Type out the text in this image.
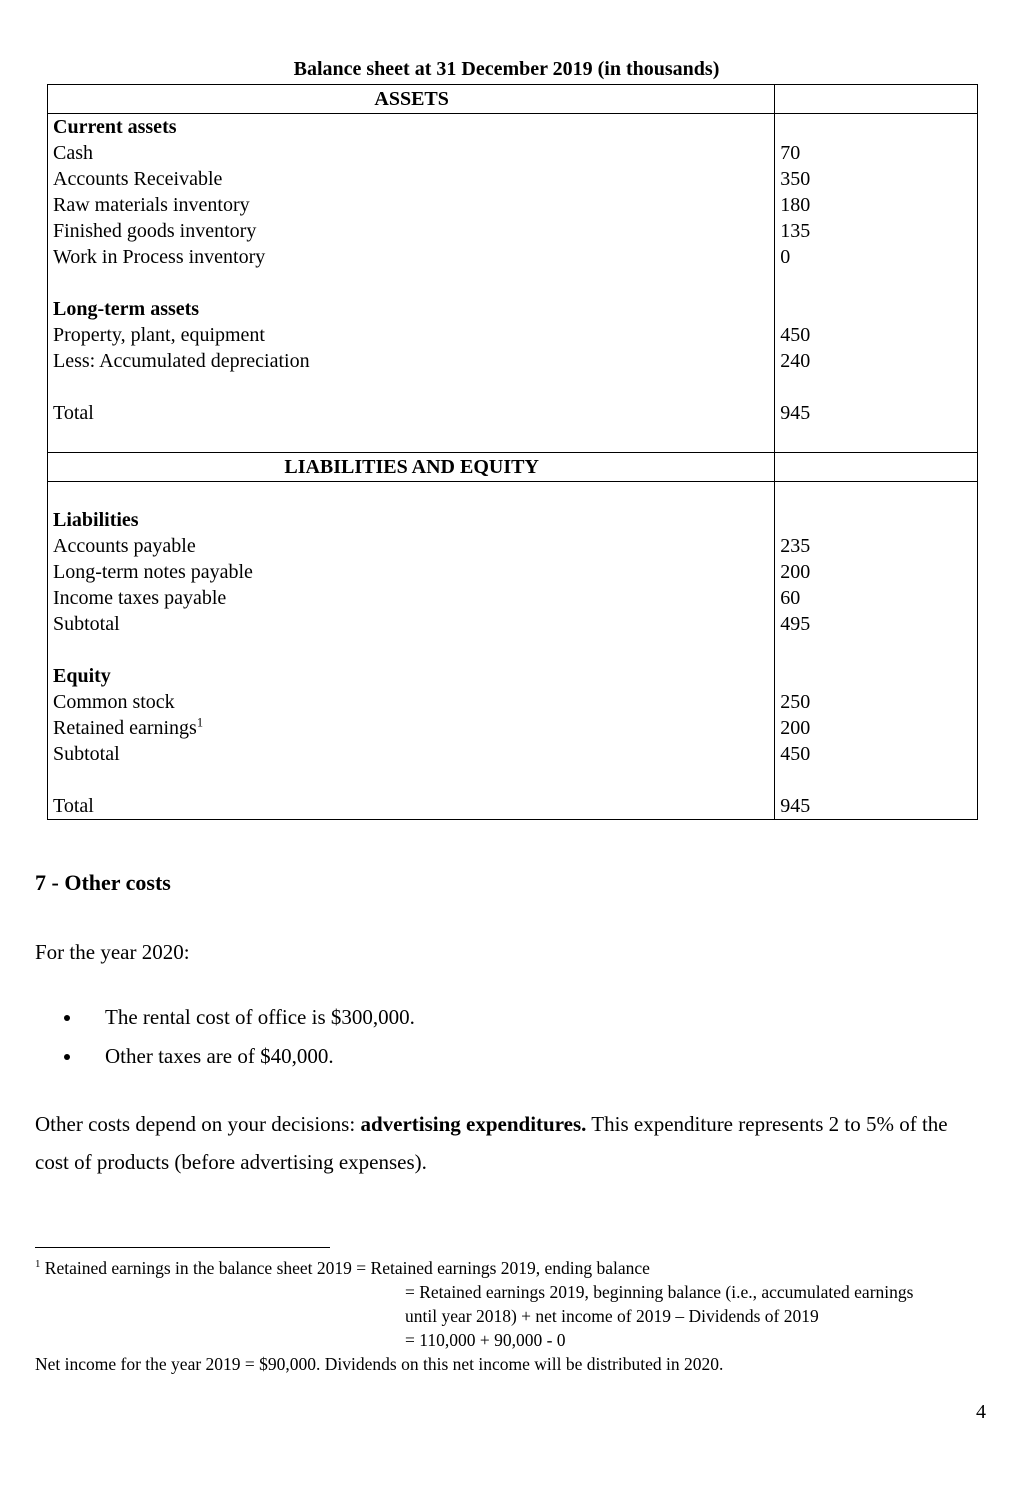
Balance sheet at 31 December 2019 (in thousands)
ASSETS	
Current assets	
Cash	70
Accounts Receivable	350
Raw materials inventory	180
Finished goods inventory	135
Work in Process inventory	0

Long-term assets	
Property, plant, equipment	450
Less: Accumulated depreciation	240

Total	945

LIABILITIES AND EQUITY	

Liabilities	
Accounts payable	235
Long-term notes payable	200
Income taxes payable	60
Subtotal	495

Equity	
Common stock	250
Retained earnings$^1$	200
Subtotal	450

Total	945
7 - Other costs

For the year 2020:

• The rental cost of office is $300,000.
• Other taxes are of $40,000.

Other costs depend on your decisions: advertising expenditures. This expenditure represents 2 to 5% of the cost of products (before advertising expenses).

$^1$ Retained earnings in the balance sheet 2019 = Retained earnings 2019, ending balance
= Retained earnings 2019, beginning balance (i.e., accumulated earnings
until year 2018) + net income of 2019 – Dividends of 2019
= 110,000 + 90,000 - 0
Net income for the year 2019 = $90,000. Dividends on this net income will be distributed in 2020.
4
